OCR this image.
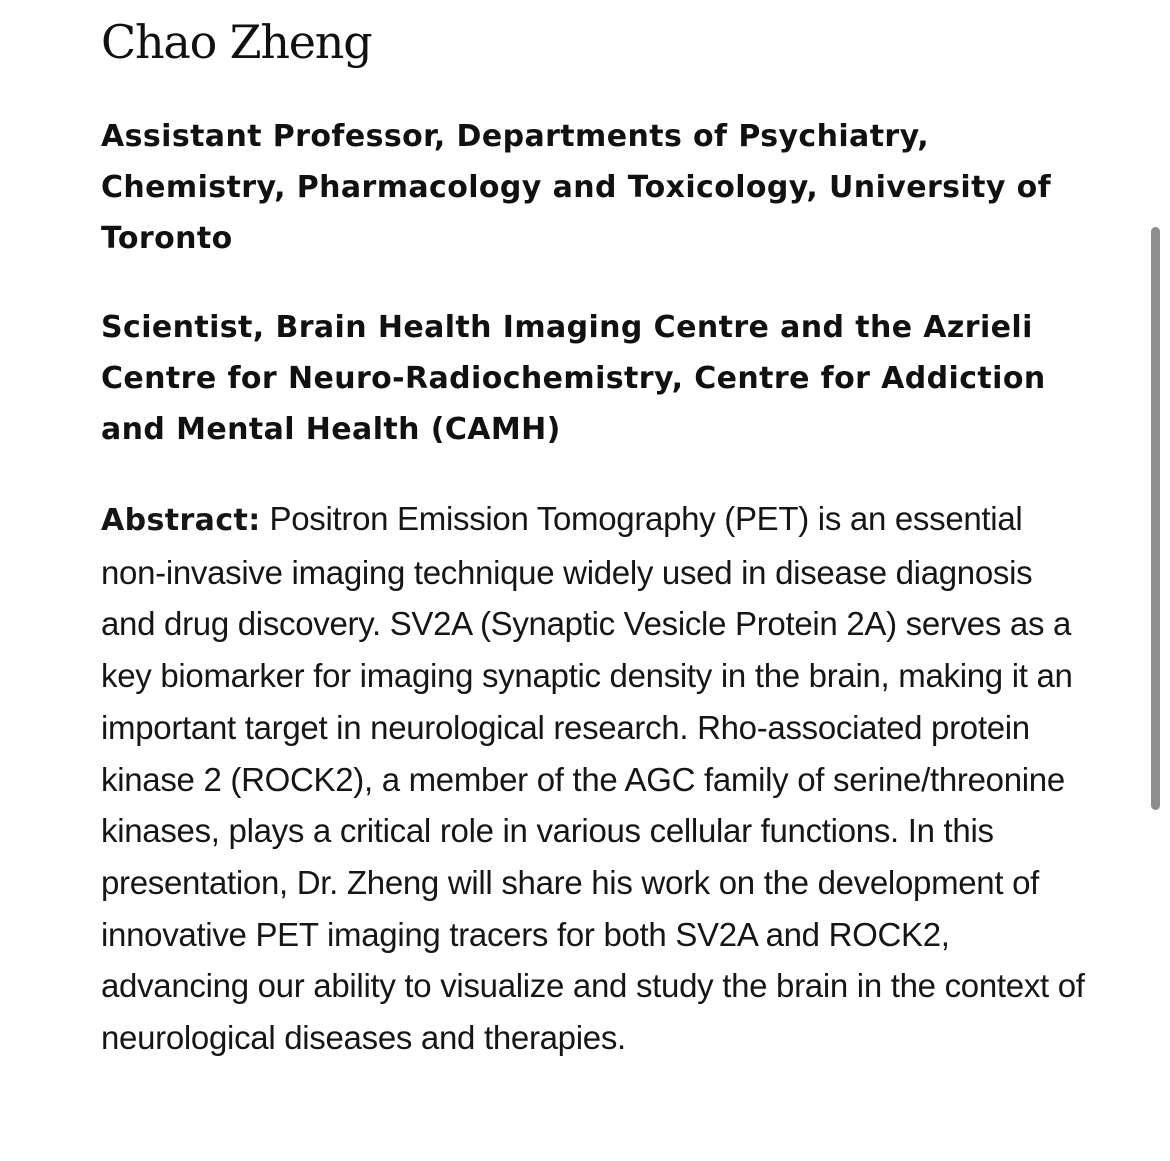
Chao Zheng

Assistant Professor, Departments of Psychiatry, Chemistry, Pharmacology and Toxicology, University of Toronto

Scientist, Brain Health Imaging Centre and the Azrieli Centre for Neuro-Radiochemistry, Centre for Addiction and Mental Health (CAMH)

Abstract: Positron Emission Tomography (PET) is an essential non-invasive imaging technique widely used in disease diagnosis and drug discovery. SV2A (Synaptic Vesicle Protein 2A) serves as a key biomarker for imaging synaptic density in the brain, making it an important target in neurological research. Rho-associated protein kinase 2 (ROCK2), a member of the AGC family of serine/threonine kinases, plays a critical role in various cellular functions. In this presentation, Dr. Zheng will share his work on the development of innovative PET imaging tracers for both SV2A and ROCK2, advancing our ability to visualize and study the brain in the context of neurological diseases and therapies.
